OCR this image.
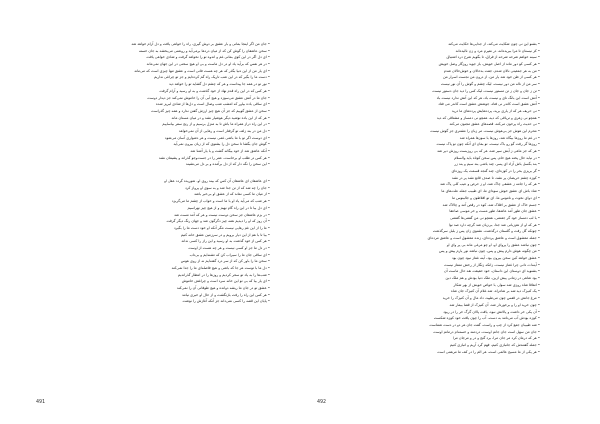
• جان من اگر اینجا بمانی و بار عشق بر دوش گیری، راه را خواهی یافت و دل آرام خواهد شد
• سخن عاشقان را گوش کن که از میان دردها برمی‌آید و روشنی می‌بخشد به جان خسته
• ای دل اگر در این کوی بمانی غم و اندوه تو را نخواهد گرفت و شادی خواهی یافت
• در هر نفس که برآید یاد او در دل ماست و بی او هیچ سخنی در این جهان نمی‌ماند
• ای یار من از این دنیا بگذر که هر چه هست فانی است و عشق تنها چیزی است که می‌ماند
• دست ما را بگیر که در این شب تاریک راه گم کرده‌ایم و جز تو چراغی نداریم
• نور تو در همه جا پیداست و هر که چشم دل گشاید تو را خواهد دید
• هر کس که در این راه قدم نهاد از خود گذشت و به او رسید و آرام گرفت
• جان ما در آتش عشق می‌سوزد و هیچ آبی آن را خاموش نمی‌کند جز دیدار دوست
• ای ساقی باده بیاور که امشب شب وصال است و دل‌ها از شادی لبریز شده
• سخن از عشق گوییم که جز آن هیچ چیز ارزش گفتن ندارد و همه چیز گذراست
• هر که از این باده نوشید دیگر هوشیار نشد و در میان مستان ماند
• در این راه دراز همراه ما باش تا به منزل برسیم و از رنج سفر بیاساییم
• دل من در بند زلف تو گرفتار است و رهایی از آن نمی‌خواهد
• ای دوست اگر تو با ما باشی غمی نیست و هر دشواری آسان می‌شود
• گوش جان بگشا تا سخن دل را بشنوی که از زبان بیرون نمی‌آید
• آنکه عاشق شد از خود بیگانه گشت و با یار آشنا شد
• هر کس در طلب او برخاست، عمر را در جست‌وجو گذراند و پشیمان نشد
• این سخن را نگه دار که از دل برآمده و بر دل می‌نشیند
• ای عاشقان ای عاشقان آن کس که بیند روی او، شوریده گردد عقل او
• جان را چه شد که از تن جدا شد و به سوی او پرواز کرد
• از میان ما کسی نماند که از عشق او بی‌خبر باشد
• هر شب که می‌آید یاد او با ما است و خواب از چشم ما می‌گریزد
• ای دل بیا تا در این راه گام نهیم و از هیچ چیز نهراسیم
• در بزم عاشقان جز سخن دوست نیست و هر که آمد مست شد
• آن روز که او را دیدیم همه چیز دگرگون شد و جهان رنگ دیگر گرفت
• ما را از این غم رهایی نیست مگر آنکه او خود دست ما را بگیرد
• بیا تا با هم از این دیار برویم و در سرزمین عشق خانه کنیم
• هر کس از خود گذشت به او رسید و این راز را کسی نداند
• در دل ما جز او کسی نیست و هر چه هست از اوست
• ای ساقی جان ما را سیراب کن که تشنه‌ایم و بی‌تاب
• سخن ما را باور کن که از سر درد گفته‌ایم نه از روی هوس
• دل ما با توست هر جا که باشی و هیچ فاصله‌ای ما را جدا نمی‌کند
• شب‌ها را به یاد تو سحر کردیم و روزها را در انتظار گذراندیم
• ای یار بیا که بی تو این خانه سرد است و چراغش خاموش
• عشق تو در جان ما ریشه دوانده و هیچ طوفانی آن را نمی‌کند
• هر کس این راه را رفت بازنگشت و از حال او خبری نیامد
• پایان این قصه را کسی نمی‌داند جز آنکه آغازش را نوشت
491
• بشنو این نی چون شکایت می‌کند، از جدایی‌ها حکایت می‌کند
• کز نیستان تا مرا ببریده‌اند، در نفیرم مرد و زن نالیده‌اند
• سینه خواهم شرحه شرحه از فراق، تا بگویم شرح درد اشتیاق
• هر کسی کو دور ماند از اصل خویش، باز جوید روزگار وصل خویش
• من به هر جمعیتی نالان شدم، جفت بدحالان و خوش‌حالان شدم
• هر کسی از ظن خود شد یار من، از درون من نجست اسرار من
• سر من از ناله من دور نیست، لیک چشم و گوش را آن نور نیست
• تن ز جان و جان ز تن مستور نیست، لیک کس را دید جان دستور نیست
• آتش است این بانگ نای و نیست باد، هر که این آتش ندارد نیست باد
• آتش عشق است کاندر نی فتاد، جوشش عشق است کاندر می فتاد
• نی حریف هر که از یاری برید، پرده‌هایش پرده‌های ما درید
• همچو نی زهری و تریاقی که دید، همچو نی دمساز و مشتاقی که دید
• نی حدیث راه پرخون می‌کند، قصه‌های عشق مجنون می‌کند
• محرم این هوش جز بی‌هوش نیست، مر زبان را مشتری جز گوش نیست
• در غم ما روزها بیگاه شد، روزها با سوزها همراه شد
• روزها گر رفت گو رو باک نیست، تو بمان ای آنکه چون تو پاک نیست
• هر که جز ماهی ز آبش سیر شد، هر که بی روزیست روزش دیر شد
• در نیابد حال پخته هیچ خام، پس سخن کوتاه باید والسلام
• بند بگسل باش آزاد ای پسر، چند باشی بند سیم و بند زر
• گر بریزی بحر را در کوزه‌ای، چند گنجد قسمت یک روزه‌ای
• کوزه چشم حریصان پر نشد، تا صدف قانع نشد پر در نشد
• هر که را جامه ز عشقی چاک شد، او ز حرص و عیب کلی پاک شد
• شاد باش ای عشق خوش سودای ما، ای طبیب جمله علت‌های ما
• ای دوای نخوت و ناموس ما، ای تو افلاطون و جالینوس ما
• جسم خاک از عشق بر افلاک شد، کوه در رقص آمد و چالاک شد
• عشق جان طور آمد عاشقا، طور مست و خر موسی صاعقا
• با لب دمساز خود گر جفتمی، همچو نی من گفتنی‌ها گفتمی
• هر که او از هم‌زبانی شد جدا، بی‌زبان شد گرچه دارد صد نوا
• چونکه گل رفت و گلستان درگذشت، نشنوی زان پس ز بلبل سرگذشت
• جمله معشوق است و عاشق پرده‌ای، زنده معشوق است و عاشق مرده‌ای
• چون نباشد عشق را پروای او، او چو مرغی ماند بی پر وای او
• من چگونه هوش دارم پیش و پس، چون نباشد نور یارم پیش و پس
• عشق خواهد کین سخن بیرون بود، آینه غماز نبود چون بود
• آینه‌ات دانی چرا غماز نیست، زانکه زنگار از رخش ممتاز نیست
• بشنوید ای دوستان این داستان، خود حقیقت نقد حال ماست آن
• بود شاهی در زمانی پیش ازین، ملک دنیا بودش و هم ملک دین
• اتفاقا شاه روزی شد سوار، با خواص خویش از بهر شکار
• یک کنیزک دید شه بر شاه‌راه، شد غلام آن کنیزک جان شاه
• مرغ جانش در قفس چون می‌طپید، داد مال و آن کنیزک را خرید
• چون خرید او را و برخوردار شد، آن کنیزک از قضا بیمار شد
• آن یکی خر داشت و پالانش نبود، یافت پالان گرگ خر را در ربود
• کوزه بودش آب می‌نامد به دست، آب را چون یافت خود کوزه شکست
• شه طبیبان جمع کرد از چپ و راست، گفت جان هر دو در دست شماست
• جان من سهل است جان جانم اوست، دردمند و خسته‌ام درمانم اوست
• هر که درمان کرد مر جان مرا، برد گنج و در و مرجان مرا
• جمله گفتندش که جانبازی کنیم، فهم گرد آریم و انبازی کنیم
• هر یکی از ما مسیح عالمی است، هر الم را در کف ما مرهمی است
492
